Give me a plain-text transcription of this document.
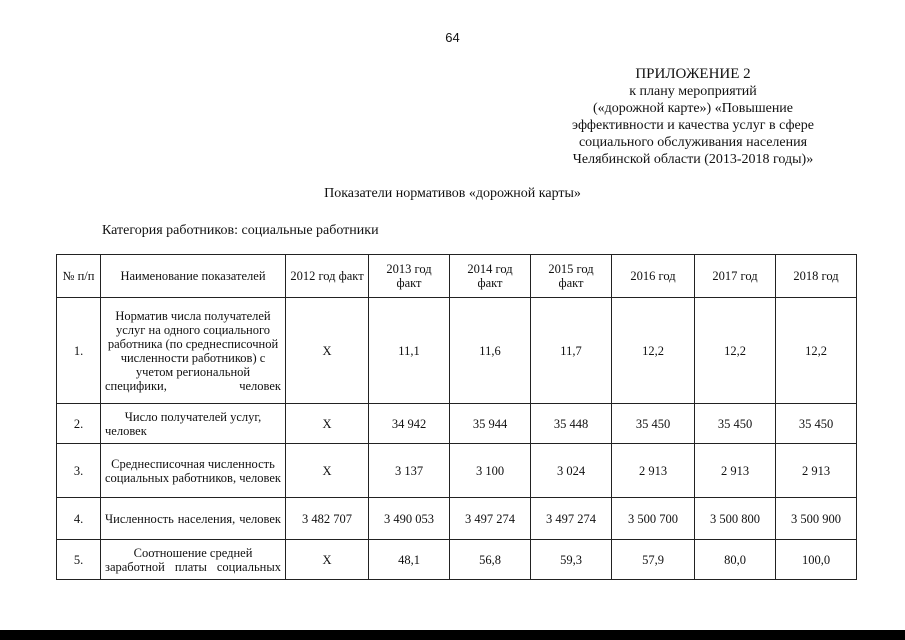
64
ПРИЛОЖЕНИЕ 2
к плану мероприятий
(«дорожной карте») «Повышение
эффективности и качества услуг в сфере
социального обслуживания населения
Челябинской области (2013-2018 годы)»
Показатели нормативов «дорожной карты»
Категория работников: социальные работники
№ п/п	Наименование показателей	2012 год факт	2013 год факт	2014 год факт	2015 год факт	2016 год	2017 год	2018 год
1.	Норматив числа получателей услуг на одного социального работника (по среднесписочной численности работников) с учетом региональной специфики, человек	X	11,1	11,6	11,7	12,2	12,2	12,2
2.	Число получателей услуг, человек	X	34 942	35 944	35 448	35 450	35 450	35 450
3.	Среднесписочная численность социальных работников, человек	X	3 137	3 100	3 024	2 913	2 913	2 913
4.	Численность населения, человек	3 482 707	3 490 053	3 497 274	3 497 274	3 500 700	3 500 800	3 500 900
5.	Соотношение средней заработной платы социальных	X	48,1	56,8	59,3	57,9	80,0	100,0
